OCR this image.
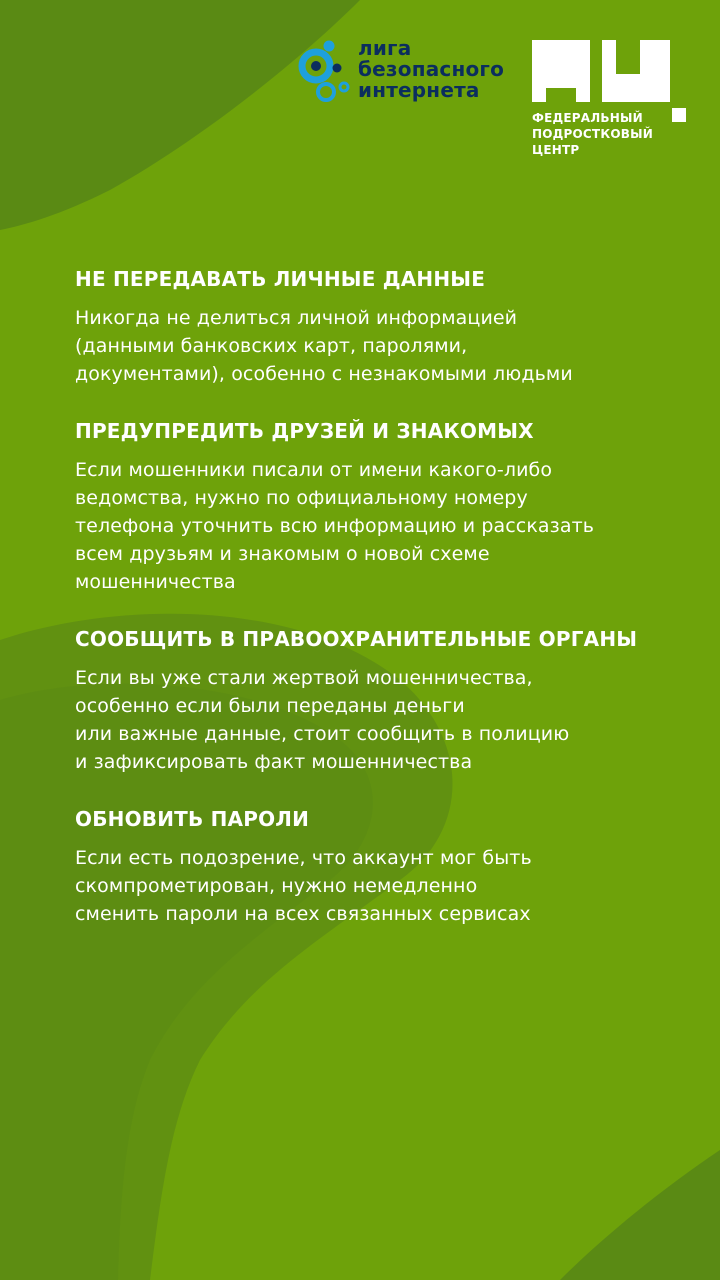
лига
безопасного
интернета
ФЕДЕРАЛЬНЫЙ
ПОДРОСТКОВЫЙ
ЦЕНТР
НЕ ПЕРЕДАВАТЬ ЛИЧНЫЕ ДАННЫЕ

Никогда не делиться личной информацией
(данными банковских карт, паролями,
документами), особенно с незнакомыми людьми

ПРЕДУПРЕДИТЬ ДРУЗЕЙ И ЗНАКОМЫХ

Если мошенники писали от имени какого-либо
ведомства, нужно по официальному номеру
телефона уточнить всю информацию и рассказать
всем друзьям и знакомым о новой схеме
мошенничества

СООБЩИТЬ В ПРАВООХРАНИТЕЛЬНЫЕ ОРГАНЫ

Если вы уже стали жертвой мошенничества,
особенно если были переданы деньги
или важные данные, стоит сообщить в полицию
и зафиксировать факт мошенничества

ОБНОВИТЬ ПАРОЛИ

Если есть подозрение, что аккаунт мог быть
скомпрометирован, нужно немедленно
сменить пароли на всех связанных сервисах
